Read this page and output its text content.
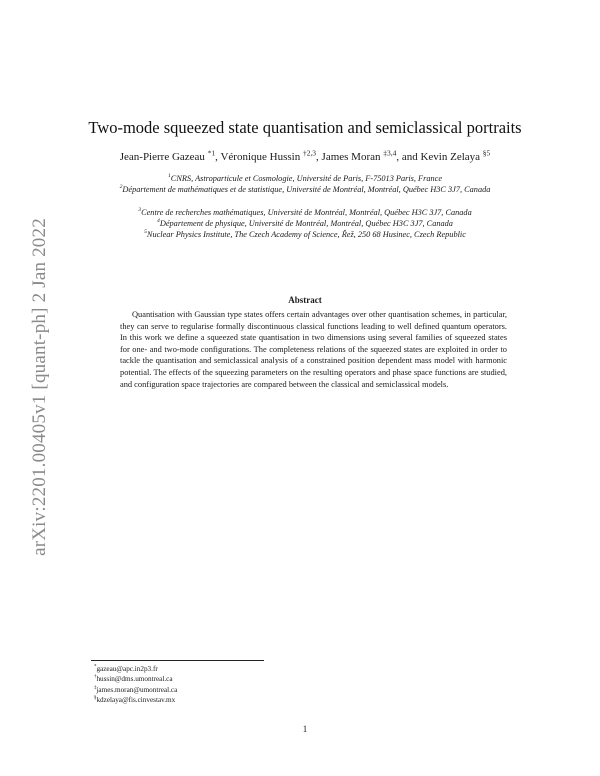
arXiv:2201.00405v1 [quant-ph] 2 Jan 2022
Two-mode squeezed state quantisation and semiclassical portraits
Jean-Pierre Gazeau $^{*1}$, Véronique Hussin $^{\dagger 2,3}$, James Moran $^{\ddagger 3,4}$, and Kevin Zelaya $^{\S 5}$
$^1$CNRS, Astroparticule et Cosmologie, Université de Paris, F-75013 Paris, France
$^2$Département de mathématiques et de statistique, Université de Montréal, Montréal, Québec H3C 3J7, Canada
$^3$Centre de recherches mathématiques, Université de Montréal, Montréal, Québec H3C 3J7, Canada
$^4$Département de physique, Université de Montréal, Montréal, Québec H3C 3J7, Canada
$^5$Nuclear Physics Institute, The Czech Academy of Science, Řež, 250 68 Husinec, Czech Republic
Abstract
Quantisation with Gaussian type states offers certain advantages over other quantisation schemes, in particular, they can serve to regularise formally discontinuous classical functions leading to well defined quantum operators. In this work we define a squeezed state quantisation in two dimensions using several families of squeezed states for one- and two-mode configurations. The completeness relations of the squeezed states are exploited in order to tackle the quantisation and semiclassical analysis of a constrained position dependent mass model with harmonic potential. The effects of the squeezing parameters on the resulting operators and phase space functions are studied, and configuration space trajectories are compared between the classical and semiclassical models.
*gazeau@apc.in2p3.fr
†hussin@dms.umontreal.ca
‡james.moran@umontreal.ca
§kdzelaya@fis.cinvestav.mx
1
